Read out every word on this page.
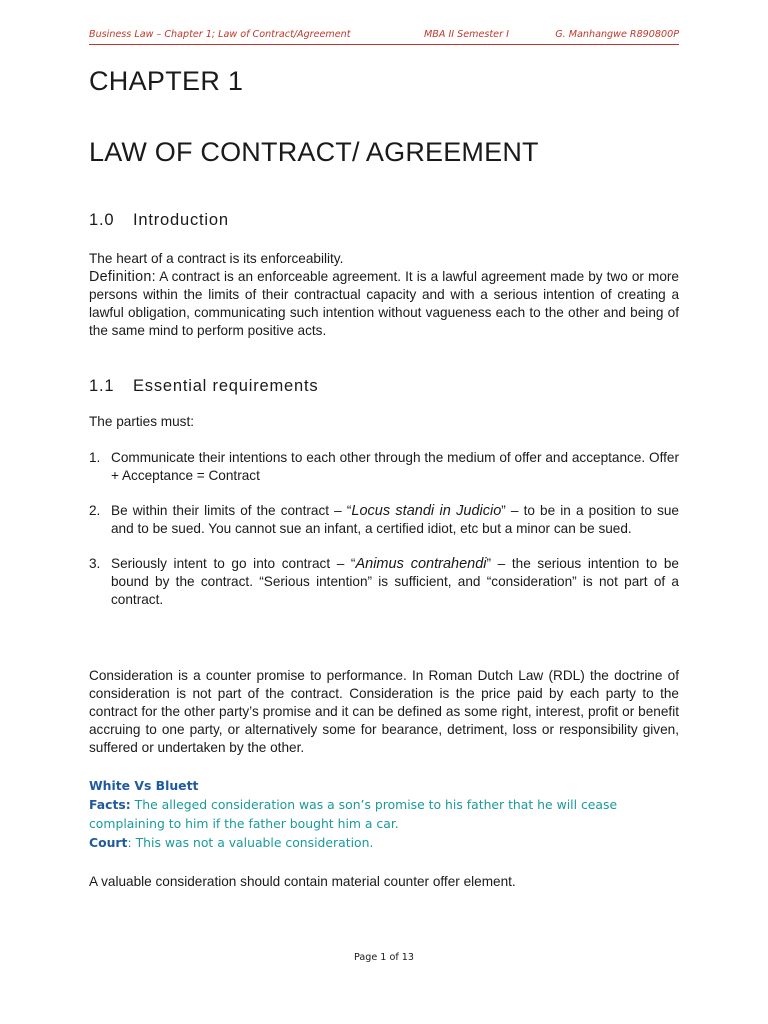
Business Law – Chapter 1; Law of Contract/Agreement	MBA II Semester I	G. Manhangwe R890800P
CHAPTER 1
LAW OF CONTRACT/ AGREEMENT
1.0 Introduction
The heart of a contract is its enforceability.
Definition: A contract is an enforceable agreement. It is a lawful agreement made by two or more persons within the limits of their contractual capacity and with a serious intention of creating a lawful obligation, communicating such intention without vagueness each to the other and being of the same mind to perform positive acts.
1.1 Essential requirements
The parties must:
1. Communicate their intentions to each other through the medium of offer and acceptance. Offer + Acceptance = Contract
2. Be within their limits of the contract – “Locus standi in Judicio” – to be in a position to sue and to be sued. You cannot sue an infant, a certified idiot, etc but a minor can be sued.
3. Seriously intent to go into contract – “Animus contrahendi” – the serious intention to be bound by the contract. “Serious intention” is sufficient, and “consideration” is not part of a contract.
Consideration is a counter promise to performance. In Roman Dutch Law (RDL) the doctrine of consideration is not part of the contract. Consideration is the price paid by each party to the contract for the other party’s promise and it can be defined as some right, interest, profit or benefit accruing to one party, or alternatively some for bearance, detriment, loss or responsibility given, suffered or undertaken by the other.
White Vs Bluett
Facts: The alleged consideration was a son’s promise to his father that he will cease complaining to him if the father bought him a car.
Court: This was not a valuable consideration.
A valuable consideration should contain material counter offer element.
Page 1 of 13
